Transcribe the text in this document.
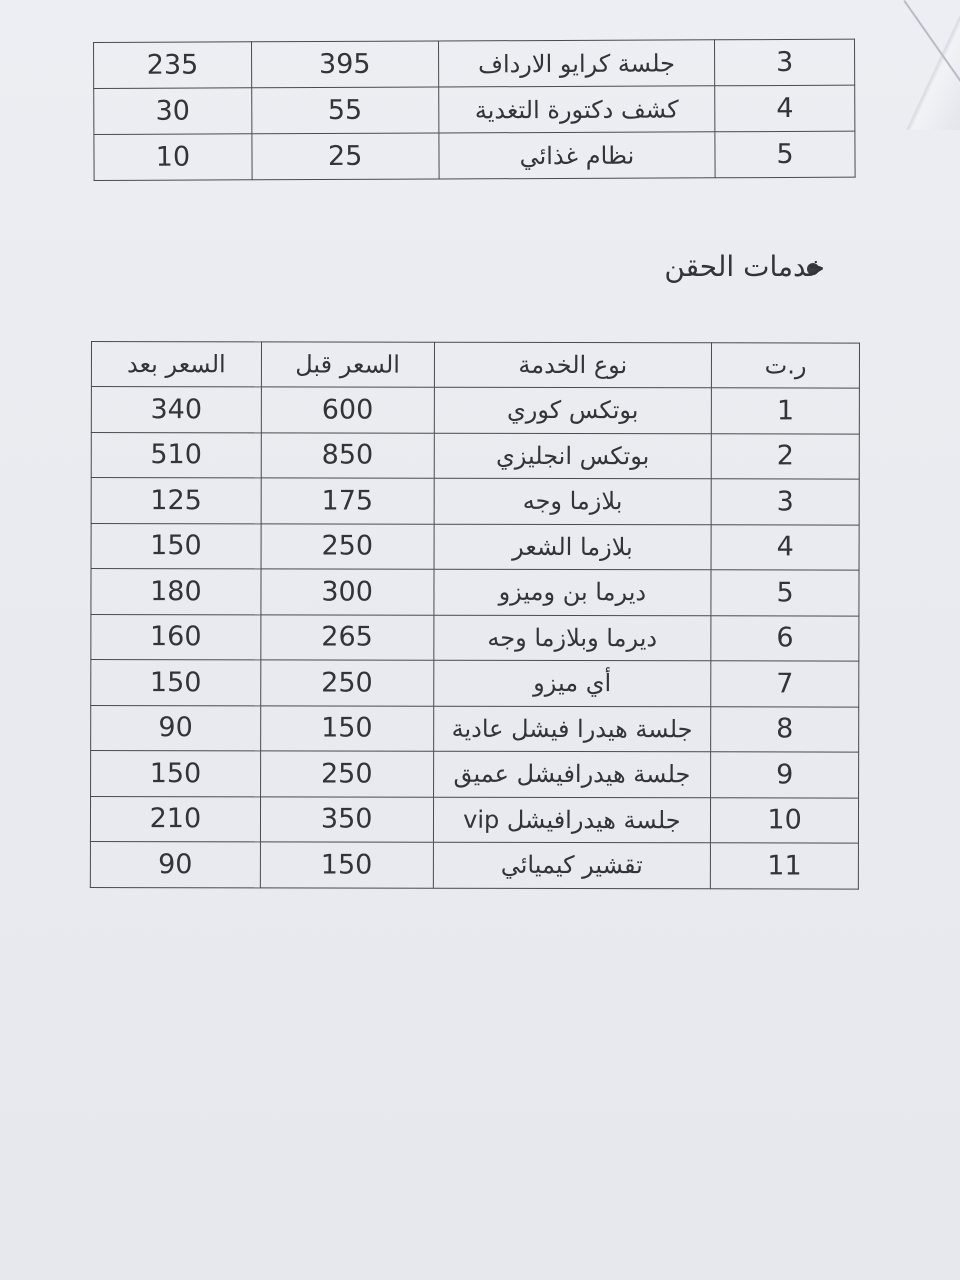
3	جلسة كرايو الارداف	395	235
4	كشف دكتورة التغدية	55	30
5	نظام غذائي	25	10
خدمات الحقن
ر.ت	نوع الخدمة	السعر قبل	السعر بعد
1	بوتكس كوري	600	340
2	بوتكس انجليزي	850	510
3	بلازما وجه	175	125
4	بلازما الشعر	250	150
5	ديرما بن وميزو	300	180
6	ديرما وبلازما وجه	265	160
7	أي ميزو	250	150
8	جلسة هيدرا فيشل عادية	150	90
9	جلسة هيدرافيشل عميق	250	150
10	جلسة هيدرافيشل vip	350	210
11	تقشير كيميائي	150	90
